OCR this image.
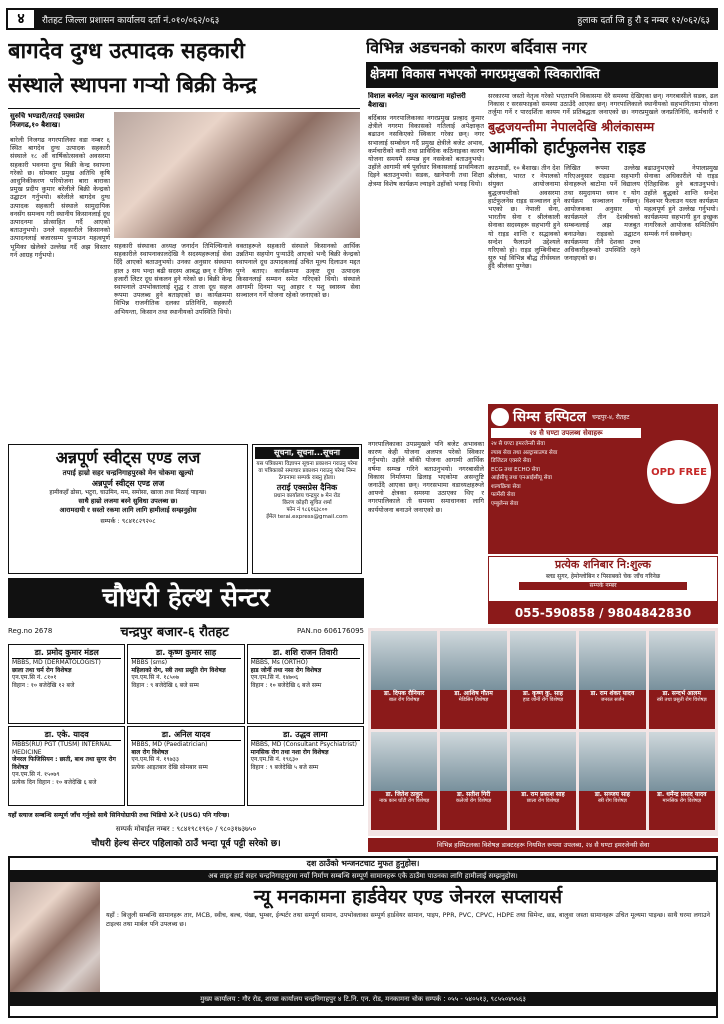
४	रौतहट जिल्ला प्रशासन कार्यालय दर्ता नं.०१०/०६२/०६३	हुलाक दर्ता जि हु रौ द नम्बर १२/०६२/६३
बागदेव दुग्ध उत्पादक सहकारी
संस्थाले स्थापना गर्‍यो बिक्री केन्द्र
सुरुचि भण्डारी/तराई एक्सप्रेस निजगढ,१० बैशाख।
बारेली निजगढ नगरपालिका वडा नम्बर ६ स्थित बागदेव दुग्ध उत्पादक सहकारी संस्थाले १८ औं वार्षिकोत्सवको अवसरमा सहकारी भवनमा दुग्ध बिक्री केन्द्र स्थापना गरेको छ। सोमबार प्रमुख अतिथि कृषि आधुनिकीकरण परियोजना बारा बाराका प्रमुख प्रदीप कुमार बरेलीले बिक्री केन्द्रको उद्घाटन गर्नुभयो। बरेलीले बागदेव दुग्ध उत्पादक सहकारी संस्थाले सामुदायिक वनसँग समन्वय गरी स्थानीय किसानलाई दूध उत्पादनमा प्रोत्साहित गर्दै आएको बताउनुभयो। उनले सहकारीले किसानको उत्पादनलाई बजारसम्म पुर्‍याउन महत्वपूर्ण भूमिका खेलेको उल्लेख गर्दै अझ विस्तार गर्न आग्रह गर्नुभयो।
सहकारी संस्थाका अध्यक्ष जनार्दन तिमिल्सिनाले सहकारीले स्थापनाकालदेखि नै सदस्यहरूलाई सेवा दिँदै आएको बताउनुभयो। उनका अनुसार संस्थामा हाल ३ सय भन्दा बढी सदस्य आबद्ध छन् र दैनिक हजारौं लिटर दूध संकलन हुने गरेको छ। बिक्री केन्द्र स्थापनाले उपभोक्तालाई शुद्ध र ताजा दूध सहज रूपमा उपलब्ध हुने बताइएको छ। कार्यक्रममा विभिन्न राजनीतिक दलका प्रतिनिधि, सहकारी अभियन्ता, किसान तथा स्थानीयको उपस्थिति थियो।
वक्ताहरूले सहकारी संस्थाले किसानको आर्थिक उन्नतिमा सहयोग पुर्‍याउँदै आएको भन्दै बिक्री केन्द्रको स्थापनाले दूध उत्पादकलाई उचित मूल्य दिलाउन मद्दत पुग्ने बताए। कार्यक्रममा उत्कृष्ट दूध उत्पादक किसानलाई सम्मान समेत गरिएको थियो। संस्थाले आगामी दिनमा पशु आहार र पशु स्वास्थ्य सेवा सञ्चालन गर्ने योजना रहेको जनाएको छ।
विभिन्न अडचनको कारण बर्दिवास नगर
क्षेत्रमा विकास नभएको नगरप्रमुखको स्विकारोक्ति
विशाल बस्नेत/ न्युज कारखाना महोत्तरी बैशाख।
बर्दिबास नगरपालिकाका नगरप्रमुख प्रल्हाद कुमार क्षेत्रीले नगरमा विकासको गतिलाई अपेक्षाकृत बढाउन नसकिएको स्विकार गरेका छन्। नगर सभालाई सम्बोधन गर्दै प्रमुख क्षेत्रीले बजेट अभाव, कर्मचारीको कमी तथा प्राविधिक कठिनाइका कारण योजना समयमै सम्पन्न हुन नसकेको बताउनुभयो। उहाँले आगामी वर्ष पूर्वाधार विकासलाई प्राथमिकता दिइने बताउनुभयो। सडक, खानेपानी तथा शिक्षा क्षेत्रमा विशेष कार्यक्रम ल्याइने उहाँको भनाइ थियो।
सरकारमा जस्तो नेतृत्व गरेको भएतापनि विकासमा धेरै समस्या देखिएका छन्। नगरबासीले सडक, ढल निकास र सरसफाइको समस्या उठाउँदै आएका छन्। नगरपालिकाले स्थानीयको सहभागितामा योजना तर्जुमा गर्ने र पारदर्शिता कायम गर्ने प्रतिबद्धता जनाएको छ। नगरप्रमुखले जनप्रतिनिधि, कर्मचारी र
बुद्धजयन्तीमा नेपालदेखि श्रीलंकासम्म
आर्मीको हार्टफुलनेस राइड
काठमाडौं, १० बैशाख। तीन देश श्रीलंका, भारत र नेपालको संयुक्त आयोजनामा बुद्धजयन्तीको अवसरमा हार्टफुलनेस राइड सञ्चालन हुने भएको छ। नेपाली सेना, भारतीय सेना र श्रीलंकाली सेनाका सदस्यहरू सहभागी हुने यो राइड शान्ति र सद्भावको सन्देश फैलाउने उद्देश्यले गरिएको हो। राइड लुम्बिनीबाट सुरु भई विभिन्न बौद्ध तीर्थस्थल हुँदै श्रीलंका पुग्नेछ।
लिखित रूपमा उल्लेख गरिएअनुसार राइडमा सहभागी सेनाहरूले बाटोमा पर्ने विद्यालय तथा समुदायमा ध्यान र योग कार्यक्रम सञ्चालन गर्नेछन्। आयोजकका अनुसार यो कार्यक्रमले तीन देशबीचको सम्बन्धलाई अझ मजबुत बनाउनेछ। राइडको उद्घाटन कार्यक्रममा तीनै देशका उच्च अधिकारीहरूको उपस्थिति रहने जनाइएको छ।
बढाउनुभएको नेपालप्रमुख सेनाका अधिकारीले यो राइड ऐतिहासिक हुने बताउनुभयो। उहाँले बुद्धको शान्ति सन्देश विश्वभर फैलाउन यस्ता कार्यक्रम महत्वपूर्ण हुने उल्लेख गर्नुभयो। कार्यक्रममा सहभागी हुन इच्छुक नागरिकले आयोजक समितिसँग सम्पर्क गर्न सक्नेछन्।
नगरपालिकाका उपप्रमुखले पनि बजेट अभावका कारण केही योजना अलपत्र परेको स्विकार गर्नुभयो। उहाँले बाँकी योजना आगामी आर्थिक वर्षमा सम्पन्न गरिने बताउनुभयो। नगरबासीले विकास निर्माणमा ढिलाइ भएकोमा असन्तुष्टि जनाउँदै आएका छन्। नगरसभामा वडाध्यक्षहरूले आफ्नो क्षेत्रका समस्या उठाएका थिए र नगरपालिकाले ती समस्या समाधानका लागि कार्ययोजना बनाउने जनाएको छ।
अन्नपूर्ण स्वीट्स एण्ड लज
तपाई हाम्रो सहर चन्द्रनिगाहपुरको मेन चोकमा खुल्यो
अन्नपूर्ण स्वीट्स एण्ड लज
हामीकहाँ ढोसा, भटुरा, चाउमिन, मम, समोसा, खाजा तथा मिठाई पाइन्छ।
साथै हाम्रो लजमा बस्ने सुविधा उपलब्ध छ।
आरामदायी र सस्तो रकमा लागि लागि हामीलाई सम्झनुहोस
सम्पर्क : ९८४१८२९२०८
सूचना, सूचना...सूचना
यस पत्रिकामा विज्ञापन सूचना प्रकाशन गराउनु परेमा वा पत्रिकाको समाचार प्रकाशन गराउनु परेमा निम्न ठेगानामा सम्पर्क राख्नु होला।
तराई एक्सप्रेस दैनिक
प्रधान कार्यालय चन्द्रपुर ७ मेन रोड
किरण कोइरी सुचित शर्मा
फोन नं ९८६१६३८००
ईमेल terai.express@gmail.com
सिम्स हस्पिटल चन्द्रपुर-४, रौतहट
२४ सै घण्टा उपलब्ध सेवाहरू
२४ सै घण्टा इमरजेन्सी सेवा
ल्याब सेवा तथा अल्ट्रासाउण्ड सेवा
डिजिटल एक्सरे सेवा
ECG तथा ECHO सेवा
आईसीयू तथा एनआईसीयू सेवा
शल्यक्रिया सेवा
फार्मेसी सेवा
एम्बुलेन्स सेवा
OPD FREE
प्रत्येक शनिबार नि:शुल्क
ब्लड सुगर, हेमोग्लोबिन र पिसाबको चेक जाँच गरिनेछ
सम्पर्क नम्बर
055-590858 / 9804842830
डा. दिपक रौनियार
बाल रोग विशेषज्ञ
डा. आशिष गौतम
मेडिसिन विशेषज्ञ
डा. कृष्ण कु. साह
हाड जोर्नी रोग विशेषज्ञ
डा. राम शंकर यादव
जनरल सर्जन
डा. सन्दर्भ आलम
स्त्री तथा प्रसुती रोग विशेषज्ञ
डा. जितेश ठाकुर
नाक कान घाँटी रोग विशेषज्ञ
डा. सतीश गिरी
कलेजो रोग विशेषज्ञ
डा. राम प्रकाश साह
छाला रोग विशेषज्ञ
डा. सञ्जय साह
स्त्री रोग विशेषज्ञ
डा. धर्मेन्द्र प्रसाद यादव
मानसिक रोग विशेषज्ञ
विभिन्न हस्पिटलका विशेषज्ञ डाक्टरहरू नियमित रूपमा उपलब्ध, २४ सै घण्टा इमरजेन्सी सेवा
चौधरी हेल्थ सेन्टर
Reg.no 2678	चन्द्रपुर बजार-६ रौतहट	PAN.no 606176095
डा. प्रमोद कुमार मंडल
MBBS, MD (DERMATOLOGIST)
छाला तथा चर्म रोग विशेषज्ञ
एन.एम.सि नं. ८१०१
विहान : १० बजेदेखि १२ बजे
डा. कृष्ण कुमार साह
MBBS (sms)
महिलाको रोग, स्त्री तथा प्रसूति रोग विशेषज्ञ
एन.एम.सि नं. १८५०७
विहान : ९ बजेदेखि ६ बजे सम्म
डा. शशि राजन तिवारी
MBBS, Ms (ORTHO)
हाड जोर्नी तथा नसा रोग विशेषज्ञ
एन.एम.सि नं. १४७०६
विहान : १० बजेदेखि ६ बजे सम्म
डा. एके. यादव
MBBS(RU) PGT (TUSM) INTERNAL MEDICINE
जेनरल फिजिसियन : छाती, बाथ तथा सुगर रोग विशेषज्ञ
एन.एम.सि नं. १५०७९
प्रत्येक दिन विहान : १० बजेदेखि ६ बजे
डा. अनिल यादव
MBBS, MD (Paediatrician)
बाल रोग विशेषज्ञ
एन.एम.सि नं. १९७३३
प्रत्येक आइतबार देखि सोमबार सम्म
डा. उद्धव लामा
MBBS, MD (Consultant Psychiatrist)
मानसिक रोग तथा नशा रोग विशेषज्ञ
एन.एम.सि नं. १९६३०
विहान : ९ बजेदेखि ५ बजे सम्म
यहाँ स्त्याज सम्बन्धि सम्पूर्ण जाँच गर्नुको साथै सिनियोग्राफी तथा भिडियो X-रे (USG) पनि गरिन्छ।
सम्पर्क मोबाईल नम्बर : ९८४१९८१९६० / ९८०३१७३७५०
चौधरी हेल्थ सेन्टर पहिलाको ठाउँ भन्दा पूर्व पट्टी सरेको छ।
दश ठाउँको भन्जनटचाट मुफत हुनुहोस।
अब ताइर हार्ड सहर चन्द्रनिगाहपुरमा नयाँ निर्माण सम्बन्धि सम्पूर्ण सामानहरू एकै ठाउँमा पाउनका लागि हामीलाई सम्झनुहोस।
न्यू मनकामना हार्डवेयर एण्ड जेनरल सप्लायर्स
यहाँ : बिजुली सम्बन्धि सामानहरू तार, MCB, स्वीच, बल्ब, पंखा, भुम्बर, ईन्भर्टर तथा सम्पूर्ण सामान, उपभोक्ताका सम्पूर्ण हार्डवेयर सामान, पाइप, PPR, PVC, CPVC, HDPE तथा सिमेन्ट, छड, बालुवा जस्ता सामानहरू उचित मूल्यमा पाइन्छ। साथै घरमा लगाउने टाइल्स तथा मार्बल पनि उपलब्ध छ।
मुख्य कार्यालय : गौर रोड, शाखा कार्यालय चन्द्रनिगाहपुर ४ टि.नि. एन. रोड, मनकामना चोक सम्पर्क : ०५५ - ५४०५१३, ९८५५०४५५६३
